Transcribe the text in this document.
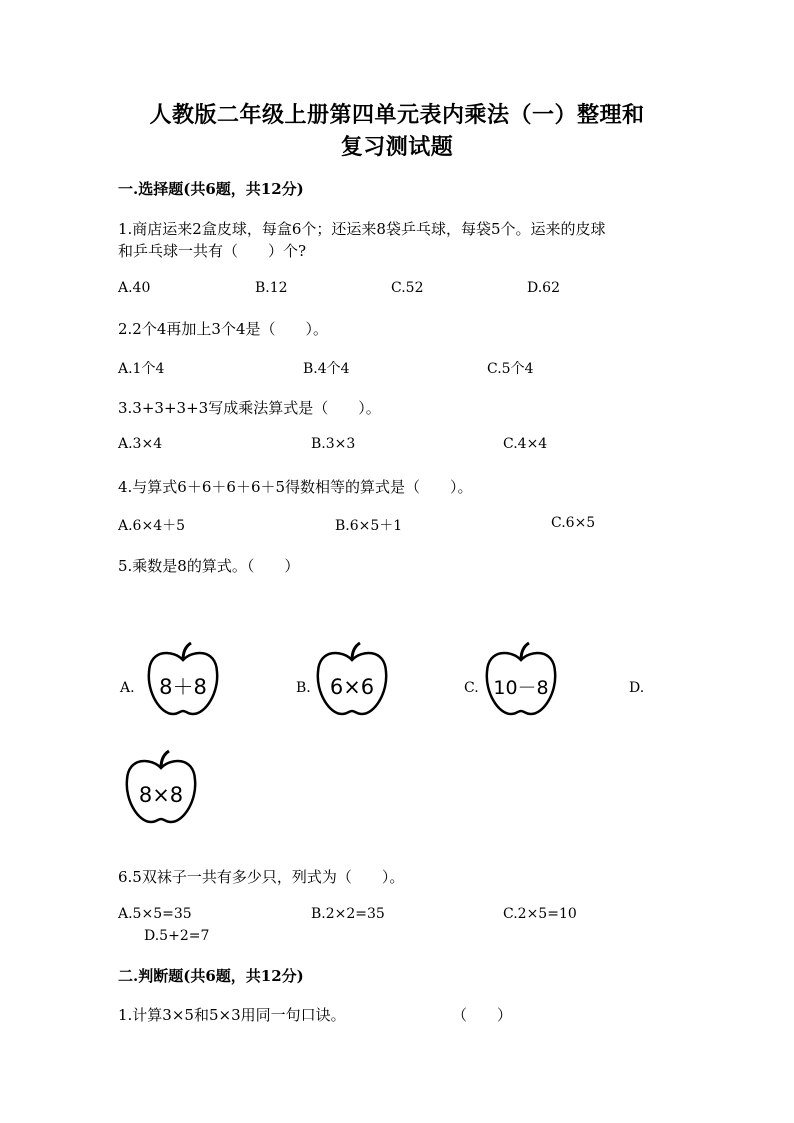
人教版二年级上册第四单元表内乘法（一）整理和
复习测试题
一.选择题(共6题，共12分)
1.商店运来2盒皮球，每盒6个；还运来8袋乒乓球，每袋5个。运来的皮球
和乒乓球一共有（　　）个?
A.40	B.12	C.52	D.62
2.2个4再加上3个4是（　　）。
A.1个4	B.4个4	C.5个4
3.3+3+3+3写成乘法算式是（　　）。
A.3×4	B.3×3	C.4×4
4.与算式6＋6＋6＋6＋5得数相等的算式是（　　）。
A.6×4＋5	B.6×5＋1	C.6×5
5.乘数是8的算式。（　　）
A.	B.	C.	D.
8＋8	6×6	10－8
8×8
6.5双袜子一共有多少只，列式为（　　）。
A.5×5=35	B.2×2=35	C.2×5=10
D.5+2=7
二.判断题(共6题，共12分)
1.计算3×5和5×3用同一句口诀。	（　　）
